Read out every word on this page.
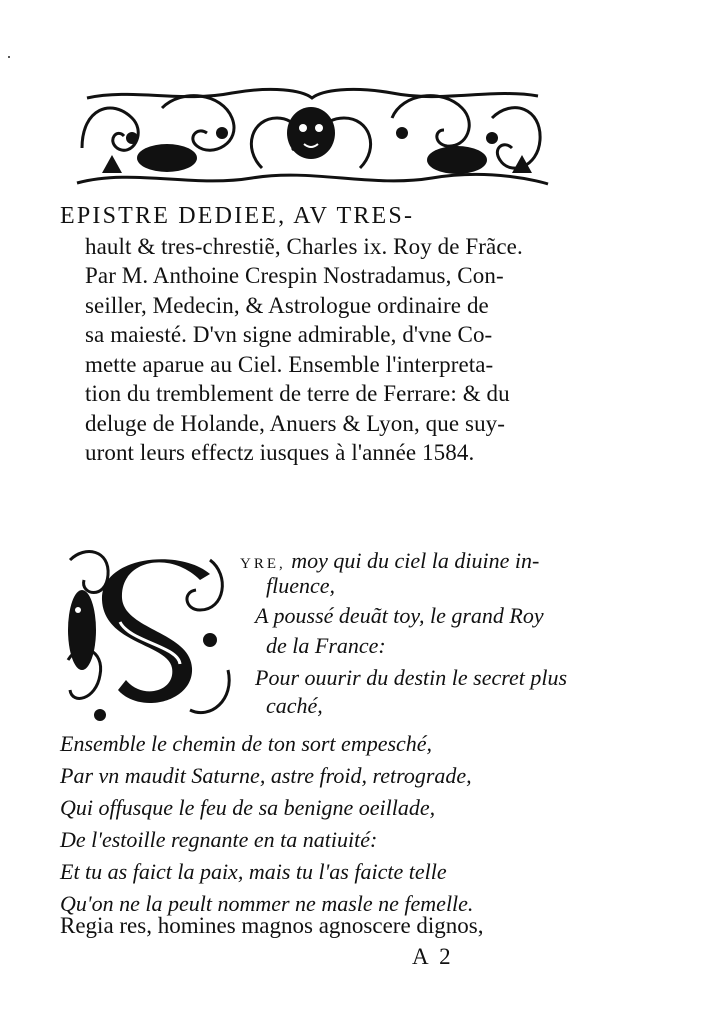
EPISTRE DEDIEE, AV TRES-
hault & tres-chrestiẽ, Charles ix. Roy de Frãce.
Par M. Anthoine Crespin Nostradamus, Con-
seiller, Medecin, & Astrologue ordinaire de
sa maiesté. D'vn signe admirable, d'vne Co-
mette aparue au Ciel. Ensemble l'interpreta-
tion du tremblement de terre de Ferrare: & du
deluge de Holande, Anuers & Lyon, que suy-
uront leurs effectz iusques à l'année 1584.
YRE, moy qui du ciel la diuine in-
fluence,
A poussé deuãt toy, le grand Roy
de la France:
Pour ouurir du destin le secret plus
caché,
Ensemble le chemin de ton sort empesché,
Par vn maudit Saturne, astre froid, retrograde,
Qui offusque le feu de sa benigne oeillade,
De l'estoille regnante en ta natiuité:
Et tu as faict la paix, mais tu l'as faicte telle
Qu'on ne la peult nommer ne masle ne femelle.
Regia res, homines magnos agnoscere dignos,
A 2
